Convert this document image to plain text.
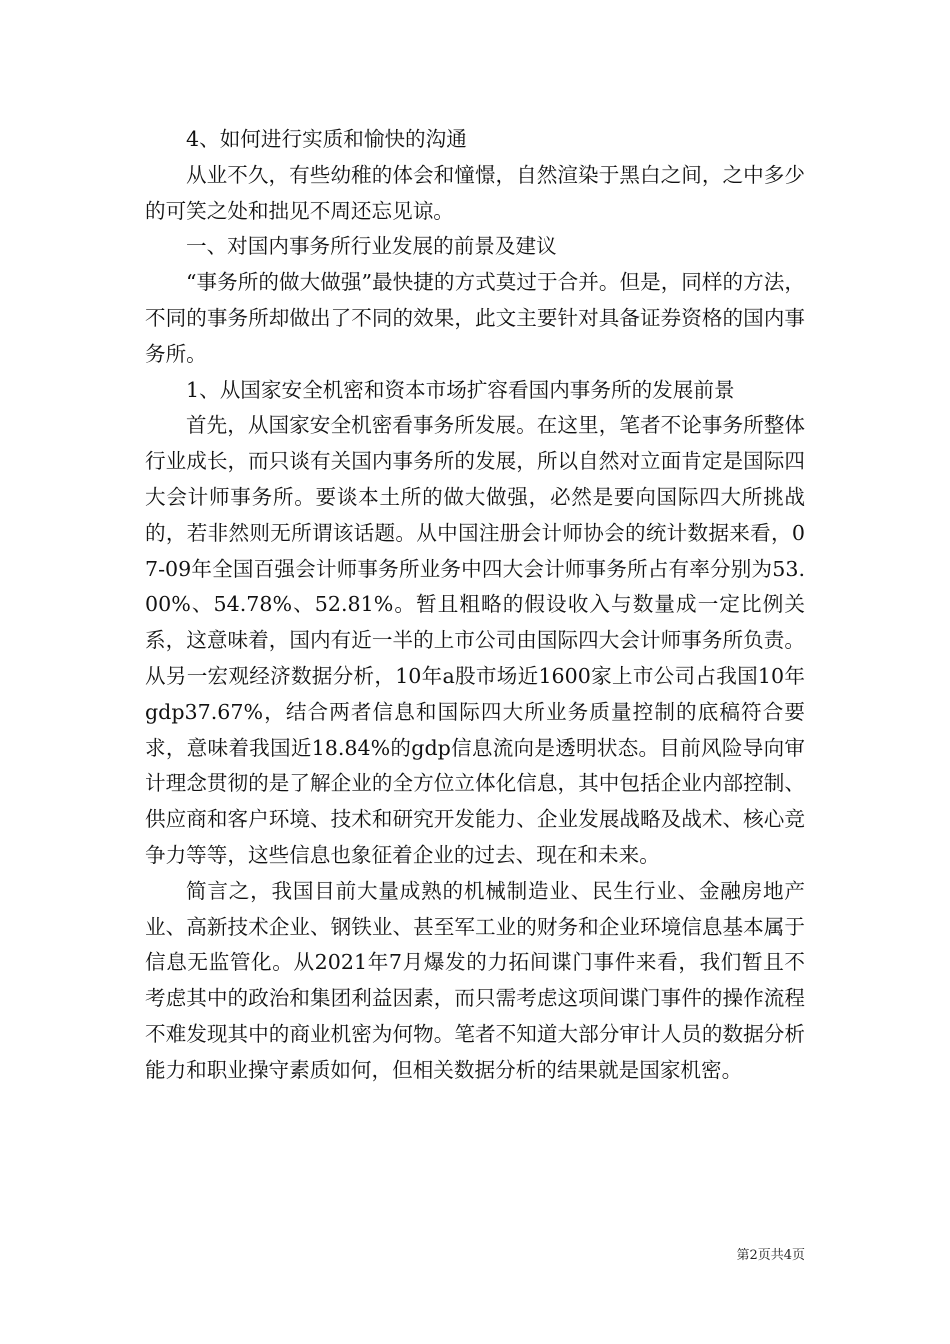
4、如何进行实质和愉快的沟通

从业不久，有些幼稚的体会和憧憬，自然渲染于黑白之间，之中多少的可笑之处和拙见不周还忘见谅。

一、对国内事务所行业发展的前景及建议

“事务所的做大做强”最快捷的方式莫过于合并。但是，同样的方法，不同的事务所却做出了不同的效果，此文主要针对具备证券资格的国内事务所。

1、从国家安全机密和资本市场扩容看国内事务所的发展前景

首先，从国家安全机密看事务所发展。在这里，笔者不论事务所整体行业成长，而只谈有关国内事务所的发展，所以自然对立面肯定是国际四大会计师事务所。要谈本土所的做大做强，必然是要向国际四大所挑战的，若非然则无所谓该话题。从中国注册会计师协会的统计数据来看，07-09年全国百强会计师事务所业务中四大会计师事务所占有率分别为53.00%、54.78%、52.81%。暂且粗略的假设收入与数量成一定比例关系，这意味着，国内有近一半的上市公司由国际四大会计师事务所负责。从另一宏观经济数据分析，10年a股市场近1600家上市公司占我国10年gdp37.67%，结合两者信息和国际四大所业务质量控制的底稿符合要求，意味着我国近18.84%的gdp信息流向是透明状态。目前风险导向审计理念贯彻的是了解企业的全方位立体化信息，其中包括企业内部控制、供应商和客户环境、技术和研究开发能力、企业发展战略及战术、核心竞争力等等，这些信息也象征着企业的过去、现在和未来。

简言之，我国目前大量成熟的机械制造业、民生行业、金融房地产业、高新技术企业、钢铁业、甚至军工业的财务和企业环境信息基本属于信息无监管化。从2021年7月爆发的力拓间谍门事件来看，我们暂且不考虑其中的政治和集团利益因素，而只需考虑这项间谍门事件的操作流程不难发现其中的商业机密为何物。笔者不知道大部分审计人员的数据分析能力和职业操守素质如何，但相关数据分析的结果就是国家机密。

第2页共4页
